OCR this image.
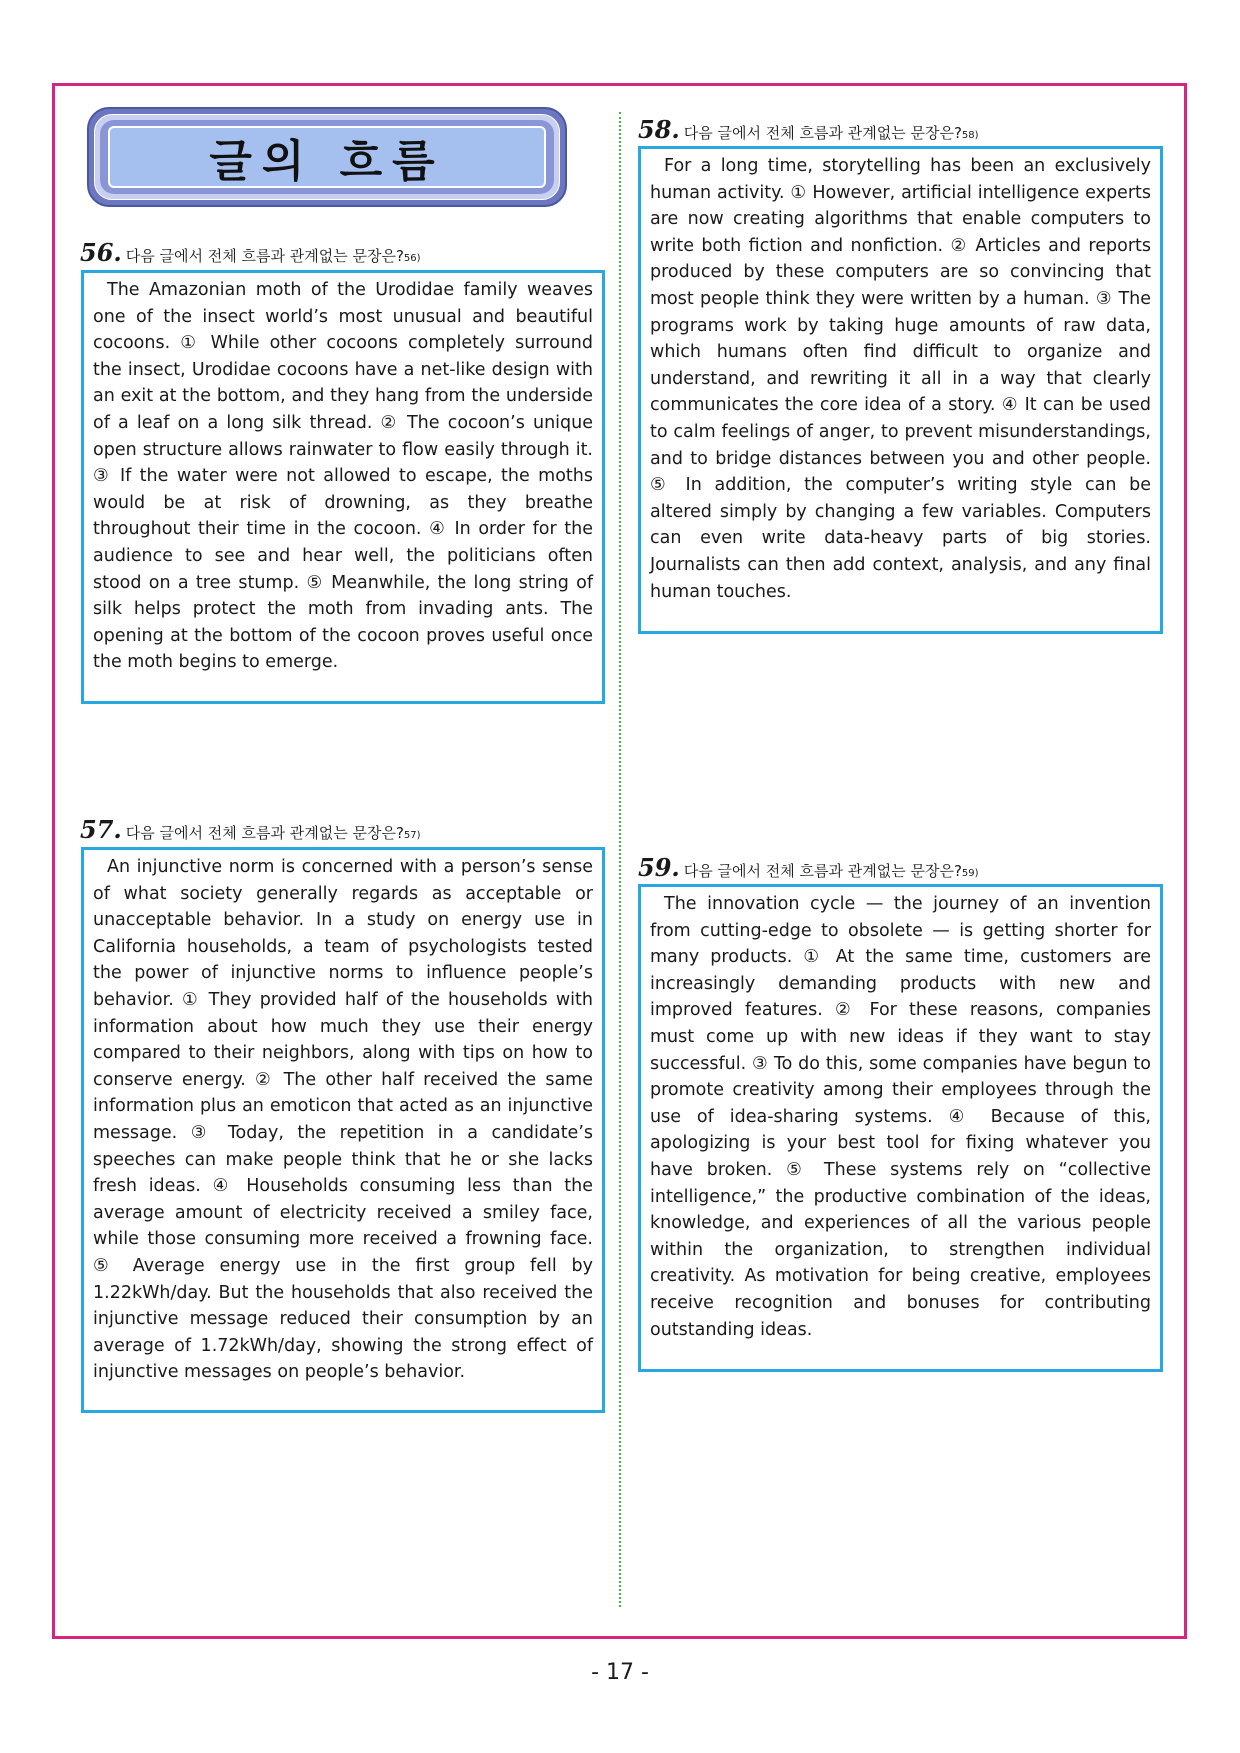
글의 흐름
56. 다음 글에서 전체 흐름과 관계없는 문장은? 56)

The Amazonian moth of the Urodidae family weaves one of the insect world’s most unusual and beautiful cocoons. ① While other cocoons completely surround the insect, Urodidae cocoons have a net-like design with an exit at the bottom, and they hang from the underside of a leaf on a long silk thread. ② The cocoon’s unique open structure allows rainwater to flow easily through it. ③ If the water were not allowed to escape, the moths would be at risk of drowning, as they breathe throughout their time in the cocoon. ④ In order for the audience to see and hear well, the politicians often stood on a tree stump. ⑤ Meanwhile, the long string of silk helps protect the moth from invading ants. The opening at the bottom of the cocoon proves useful once the moth begins to emerge.

57. 다음 글에서 전체 흐름과 관계없는 문장은? 57)

An injunctive norm is concerned with a person’s sense of what society generally regards as acceptable or unacceptable behavior. In a study on energy use in California households, a team of psychologists tested the power of injunctive norms to influence people’s behavior. ① They provided half of the households with information about how much they use their energy compared to their neighbors, along with tips on how to conserve energy. ② The other half received the same information plus an emoticon that acted as an injunctive message. ③ Today, the repetition in a candidate’s speeches can make people think that he or she lacks fresh ideas. ④ Households consuming less than the average amount of electricity received a smiley face, while those consuming more received a frowning face. ⑤ Average energy use in the first group fell by 1.22kWh/day. But the households that also received the injunctive message reduced their consumption by an average of 1.72kWh/day, showing the strong effect of injunctive messages on people’s behavior.

58. 다음 글에서 전체 흐름과 관계없는 문장은? 58)

For a long time, storytelling has been an exclusively human activity. ① However, artificial intelligence experts are now creating algorithms that enable computers to write both fiction and nonfiction. ② Articles and reports produced by these computers are so convincing that most people think they were written by a human. ③ The programs work by taking huge amounts of raw data, which humans often find difficult to organize and understand, and rewriting it all in a way that clearly communicates the core idea of a story. ④ It can be used to calm feelings of anger, to prevent misunderstandings, and to bridge distances between you and other people. ⑤ In addition, the computer’s writing style can be altered simply by changing a few variables. Computers can even write data-heavy parts of big stories. Journalists can then add context, analysis, and any final human touches.

59. 다음 글에서 전체 흐름과 관계없는 문장은? 59)

The innovation cycle — the journey of an invention from cutting-edge to obsolete — is getting shorter for many products. ① At the same time, customers are increasingly demanding products with new and improved features. ② For these reasons, companies must come up with new ideas if they want to stay successful. ③ To do this, some companies have begun to promote creativity among their employees through the use of idea-sharing systems. ④ Because of this, apologizing is your best tool for fixing whatever you have broken. ⑤ These systems rely on “collective intelligence,” the productive combination of the ideas, knowledge, and experiences of all the various people within the organization, to strengthen individual creativity. As motivation for being creative, employees receive recognition and bonuses for contributing outstanding ideas.

- 17 -
